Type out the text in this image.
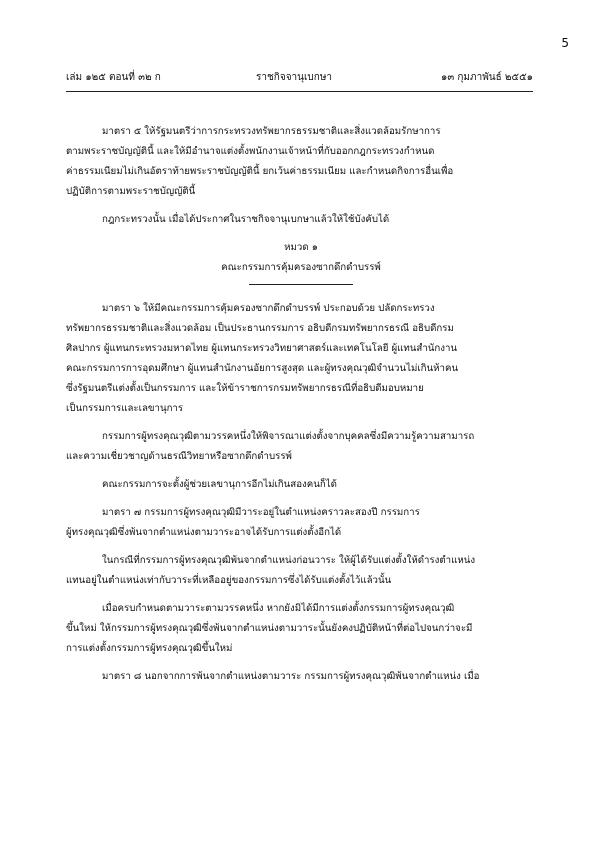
5
เล่ม ๑๒๕ ตอนที่ ๓๒ ก	ราชกิจจานุเบกษา	๑๓ กุมภาพันธ์ ๒๕๕๑
มาตรา ๕ ให้รัฐมนตรีว่าการกระทรวงทรัพยากรธรรมชาติและสิ่งแวดล้อมรักษาการ
ตามพระราชบัญญัตินี้ และให้มีอำนาจแต่งตั้งพนักงานเจ้าหน้าที่กับออกกฎกระทรวงกำหนด
ค่าธรรมเนียมไม่เกินอัตราท้ายพระราชบัญญัตินี้ ยกเว้นค่าธรรมเนียม และกำหนดกิจการอื่นเพื่อ
ปฏิบัติการตามพระราชบัญญัตินี้
กฎกระทรวงนั้น เมื่อได้ประกาศในราชกิจจานุเบกษาแล้วให้ใช้บังคับได้

หมวด ๑

คณะกรรมการคุ้มครองซากดึกดำบรรพ์

มาตรา ๖ ให้มีคณะกรรมการคุ้มครองซากดึกดำบรรพ์ ประกอบด้วย ปลัดกระทรวง
ทรัพยากรธรรมชาติและสิ่งแวดล้อม เป็นประธานกรรมการ อธิบดีกรมทรัพยากรธรณี อธิบดีกรม
ศิลปากร ผู้แทนกระทรวงมหาดไทย ผู้แทนกระทรวงวิทยาศาสตร์และเทคโนโลยี ผู้แทนสำนักงาน
คณะกรรมการการอุดมศึกษา ผู้แทนสำนักงานอัยการสูงสุด และผู้ทรงคุณวุฒิจำนวนไม่เกินห้าคน
ซึ่งรัฐมนตรีแต่งตั้งเป็นกรรมการ และให้ข้าราชการกรมทรัพยากรธรณีที่อธิบดีมอบหมาย
เป็นกรรมการและเลขานุการ
กรรมการผู้ทรงคุณวุฒิตามวรรคหนึ่งให้พิจารณาแต่งตั้งจากบุคคลซึ่งมีความรู้ความสามารถ
และความเชี่ยวชาญด้านธรณีวิทยาหรือซากดึกดำบรรพ์
คณะกรรมการจะตั้งผู้ช่วยเลขานุการอีกไม่เกินสองคนก็ได้
มาตรา ๗ กรรมการผู้ทรงคุณวุฒิมีวาระอยู่ในตำแหน่งคราวละสองปี กรรมการ
ผู้ทรงคุณวุฒิซึ่งพ้นจากตำแหน่งตามวาระอาจได้รับการแต่งตั้งอีกได้
ในกรณีที่กรรมการผู้ทรงคุณวุฒิพ้นจากตำแหน่งก่อนวาระ ให้ผู้ได้รับแต่งตั้งให้ดำรงตำแหน่ง
แทนอยู่ในตำแหน่งเท่ากับวาระที่เหลืออยู่ของกรรมการซึ่งได้รับแต่งตั้งไว้แล้วนั้น
เมื่อครบกำหนดตามวาระตามวรรคหนึ่ง หากยังมิได้มีการแต่งตั้งกรรมการผู้ทรงคุณวุฒิ
ขึ้นใหม่ ให้กรรมการผู้ทรงคุณวุฒิซึ่งพ้นจากตำแหน่งตามวาระนั้นยังคงปฏิบัติหน้าที่ต่อไปจนกว่าจะมี
การแต่งตั้งกรรมการผู้ทรงคุณวุฒิขึ้นใหม่
มาตรา ๘ นอกจากการพ้นจากตำแหน่งตามวาระ กรรมการผู้ทรงคุณวุฒิพ้นจากตำแหน่ง เมื่อ
